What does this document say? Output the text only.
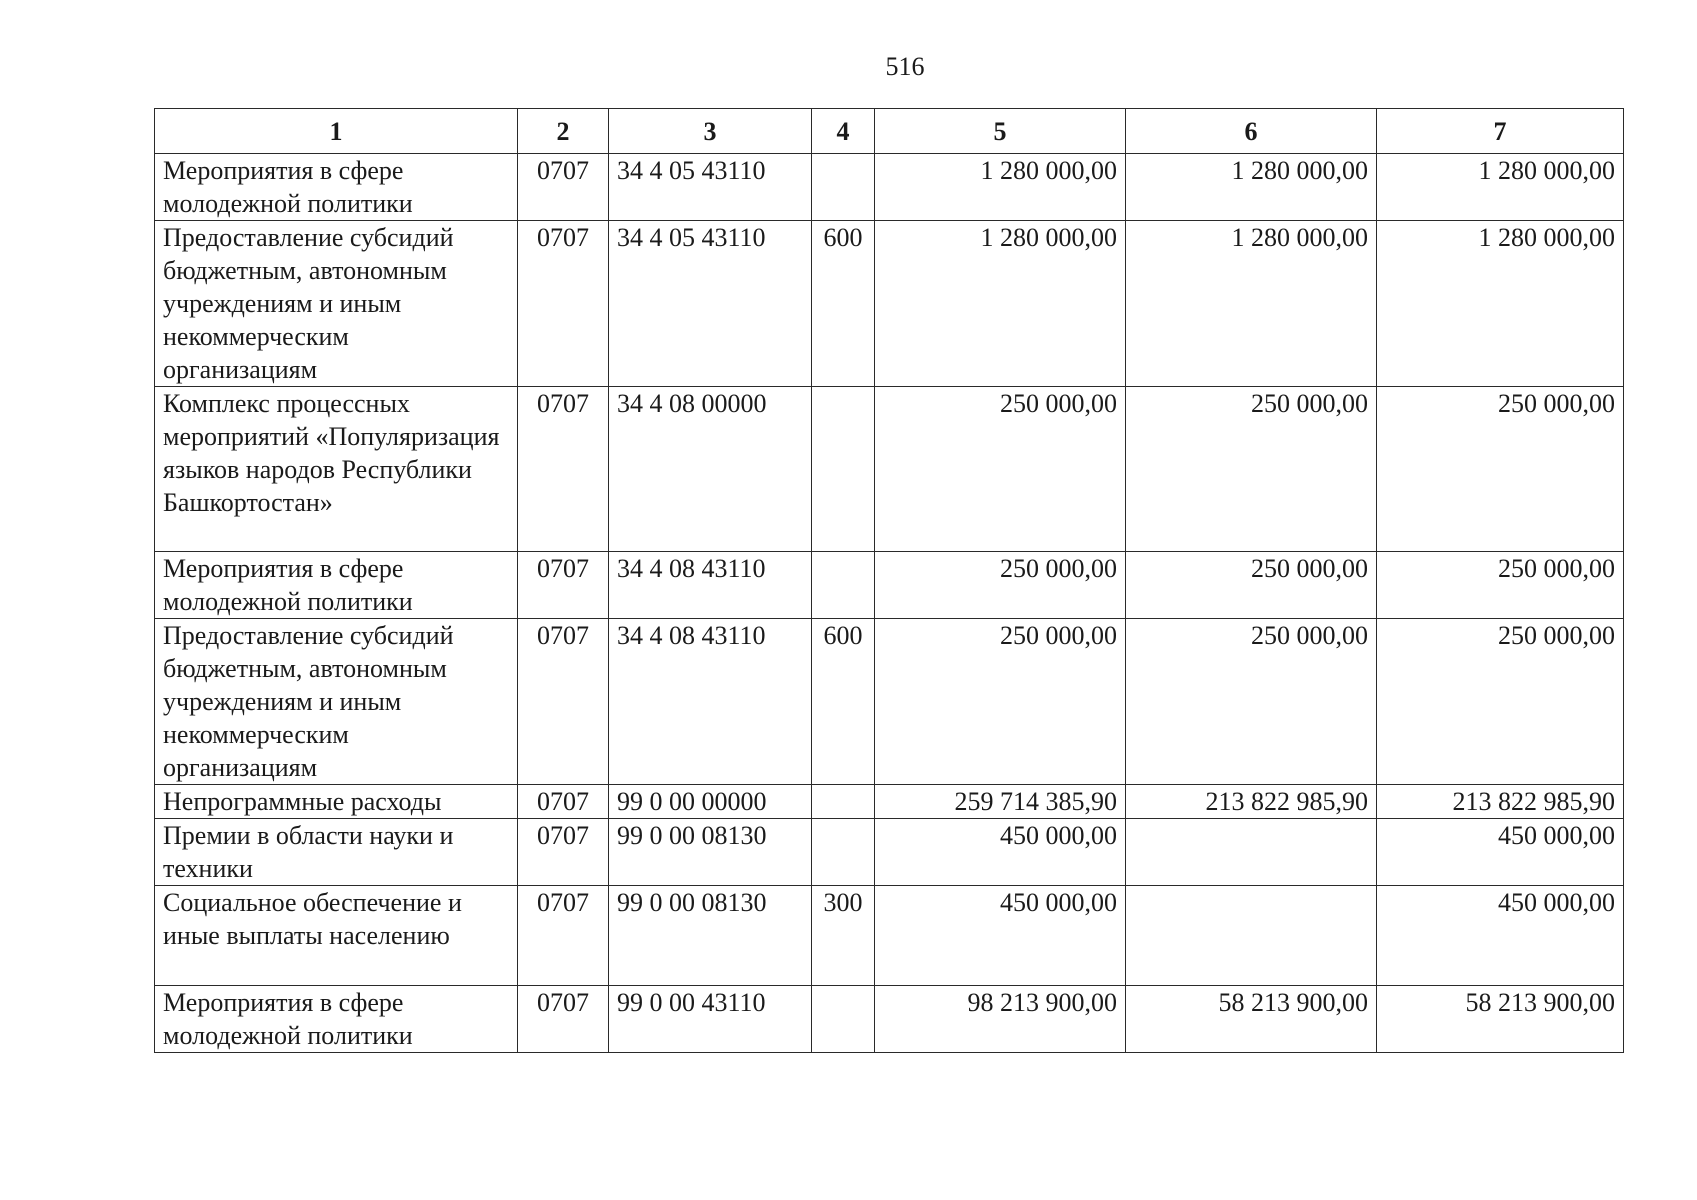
516
1	2	3	4	5	6	7
Мероприятия в сфере молодежной политики	0707	34 4 05 43110		1 280 000,00	1 280 000,00	1 280 000,00
Предоставление субсидий бюджетным, автономным учреждениям и иным некоммерческим организациям	0707	34 4 05 43110	600	1 280 000,00	1 280 000,00	1 280 000,00
Комплекс процессных мероприятий «Популяризация языков народов Республики Башкортостан»	0707	34 4 08 00000		250 000,00	250 000,00	250 000,00
Мероприятия в сфере молодежной политики	0707	34 4 08 43110		250 000,00	250 000,00	250 000,00
Предоставление субсидий бюджетным, автономным учреждениям и иным некоммерческим организациям	0707	34 4 08 43110	600	250 000,00	250 000,00	250 000,00
Непрограммные расходы	0707	99 0 00 00000		259 714 385,90	213 822 985,90	213 822 985,90
Премии в области науки и техники	0707	99 0 00 08130		450 000,00		450 000,00
Социальное обеспечение и иные выплаты населению	0707	99 0 00 08130	300	450 000,00		450 000,00
Мероприятия в сфере молодежной политики	0707	99 0 00 43110		98 213 900,00	58 213 900,00	58 213 900,00
